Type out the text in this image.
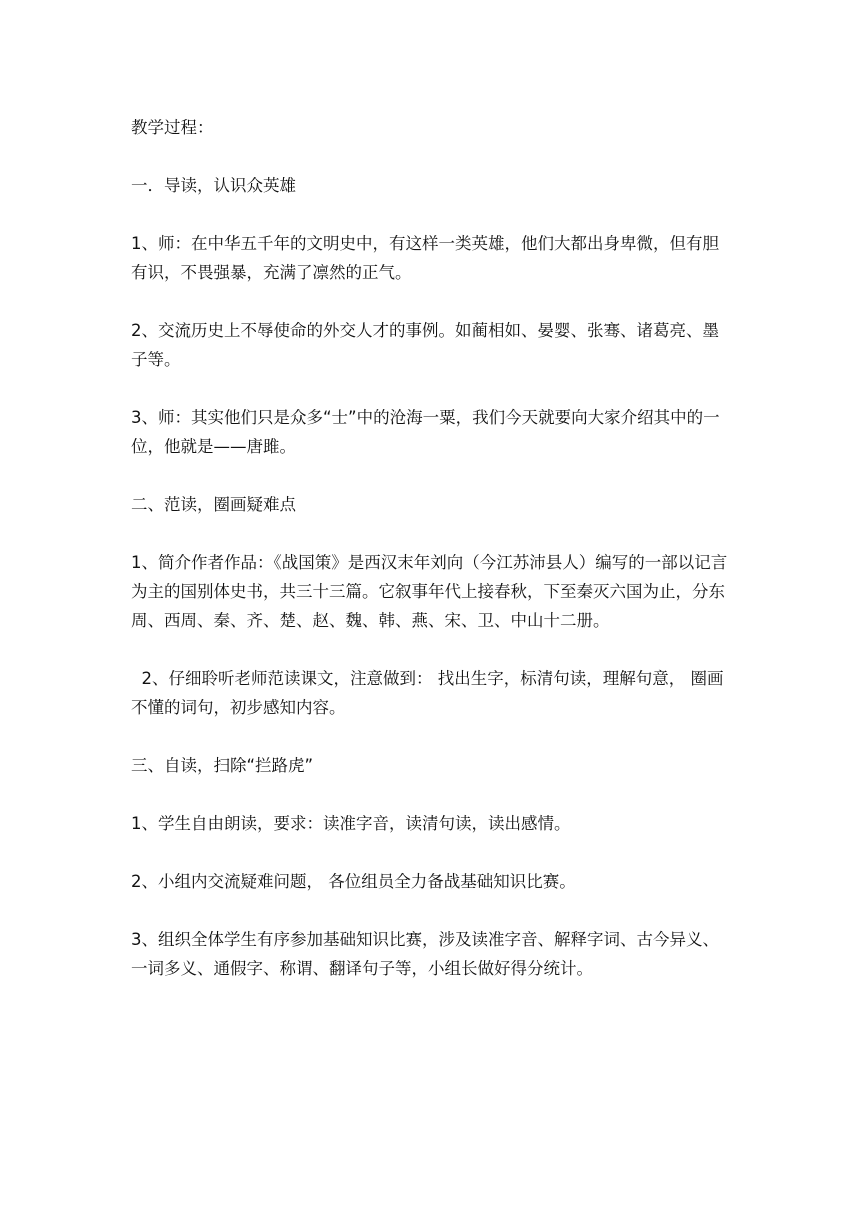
教学过程：

一．导读，认识众英雄

1、师：在中华五千年的文明史中，有这样一类英雄，他们大都出身卑微，但有胆有识，不畏强暴，充满了凛然的正气。

2、交流历史上不辱使命的外交人才的事例。如蔺相如、晏婴、张骞、诸葛亮、墨子等。

3、师：其实他们只是众多“士”中的沧海一粟，我们今天就要向大家介绍其中的一位，他就是——唐雎。

二、范读，圈画疑难点

1、简介作者作品：《战国策》是西汉末年刘向（今江苏沛县人）编写的一部以记言为主的国别体史书，共三十三篇。它叙事年代上接春秋，下至秦灭六国为止，分东周、西周、秦、齐、楚、赵、魏、韩、燕、宋、卫、中山十二册。

2、仔细聆听老师范读课文，注意做到： 找出生字，标清句读，理解句意， 圈画不懂的词句，初步感知内容。

三、自读，扫除“拦路虎”

1、学生自由朗读，要求：读准字音，读清句读，读出感情。

2、小组内交流疑难问题， 各位组员全力备战基础知识比赛。

3、组织全体学生有序参加基础知识比赛，涉及读准字音、解释字词、古今异义、一词多义、通假字、称谓、翻译句子等，小组长做好得分统计。
